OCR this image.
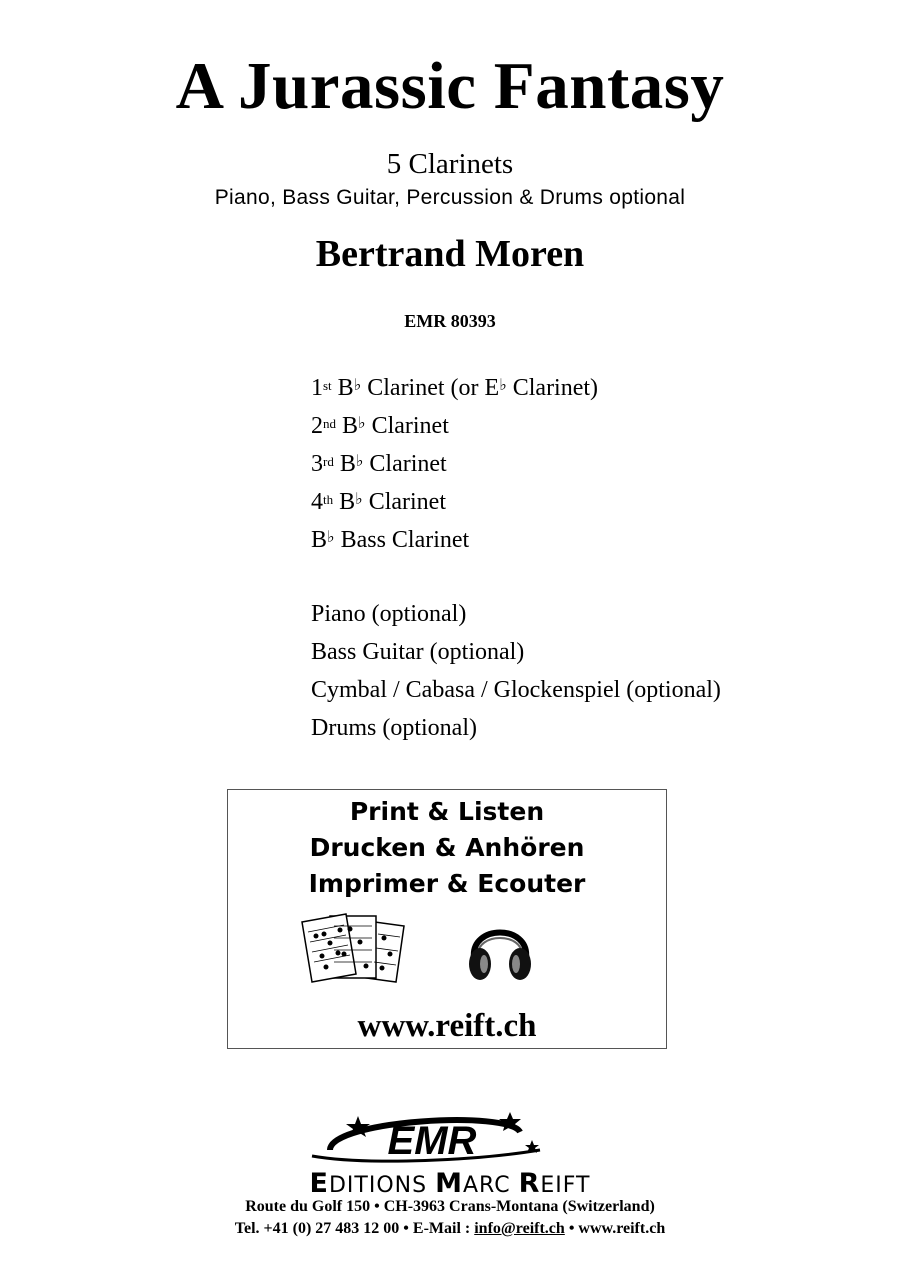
A Jurassic Fantasy
5 Clarinets
Piano, Bass Guitar, Percussion & Drums optional
Bertrand Moren
EMR 80393
1st B♭ Clarinet (or E♭ Clarinet)
2nd B♭ Clarinet
3rd B♭ Clarinet
4th B♭ Clarinet
B♭ Bass Clarinet
Piano (optional)
Bass Guitar (optional)
Cymbal / Cabasa / Glockenspiel (optional)
Drums (optional)
Print & Listen
Drucken & Anhören
Imprimer & Ecouter
www.reift.ch
EMR
EDITIONS MARC REIFT
Route du Golf 150 • CH-3963 Crans-Montana (Switzerland)
Tel. +41 (0) 27 483 12 00 • E-Mail : info@reift.ch • www.reift.ch
